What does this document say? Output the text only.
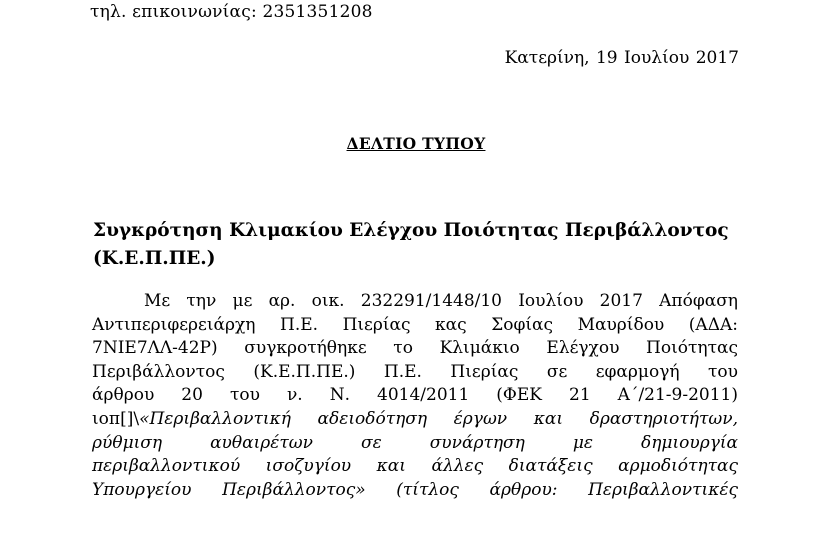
τηλ. επικοινωνίας: 2351351208
Κατερίνη, 19 Ιουλίου 2017
ΔΕΛΤΙΟ ΤΥΠΟΥ
Συγκρότηση Κλιμακίου Ελέγχου Ποιότητας Περιβάλλοντος
(Κ.Ε.Π.ΠΕ.)
Με την με αρ. οικ. 232291/1448/10 Ιουλίου 2017 Απόφαση
Αντιπεριφερειάρχη Π.Ε. Πιερίας κας Σοφίας Μαυρίδου (ΑΔΑ:
7ΝΙΕ7ΛΛ-42Ρ) συγκροτήθηκε το Κλιμάκιο Ελέγχου Ποιότητας
Περιβάλλοντος (Κ.Ε.Π.ΠΕ.) Π.Ε. Πιερίας σε εφαρμογή του
άρθρου 20 του ν. Ν. 4014/2011 (ΦΕΚ 21 Α΄/21-9-2011)
ιοπ[]\«Περιβαλλοντική αδειοδότηση έργων και δραστηριοτήτων,
ρύθμιση αυθαιρέτων σε συνάρτηση με δημιουργία
περιβαλλοντικού ισοζυγίου και άλλες διατάξεις αρμοδιότητας
Υπουργείου Περιβάλλοντος» (τίτλος άρθρου: Περιβαλλοντικές
